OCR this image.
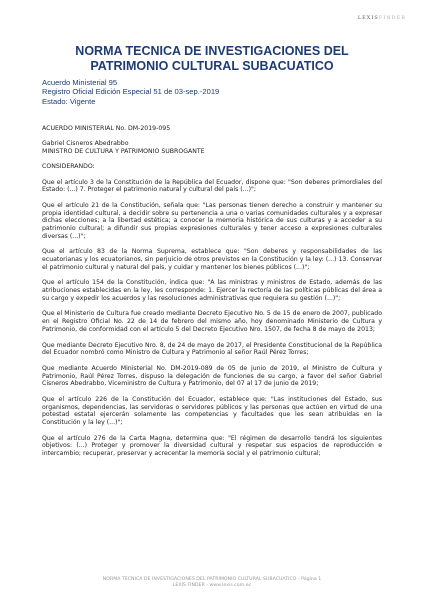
LEXISFINDER
NORMA TECNICA DE INVESTIGACIONES DEL
PATRIMONIO CULTURAL SUBACUATICO
Acuerdo Ministerial 95
Registro Oficial Edición Especial 51 de 03-sep.-2019
Estado: Vigente

ACUERDO MINISTERIAL No. DM-2019-095

Gabriel Cisneros Abedrabbo

MINISTRO DE CULTURA Y PATRIMONIO SUBROGANTE

CONSIDERANDO:

Que el artículo 3 de la Constitución de la República del Ecuador, dispone que: "Son deberes primordiales del Estado: (...) 7. Proteger el patrimonio natural y cultural del país (...)";

Que el artículo 21 de la Constitución, señala que: "Las personas tienen derecho a construir y mantener su propia identidad cultural, a decidir sobre su pertenencia a una o varias comunidades culturales y a expresar dichas elecciones; a la libertad estética; a conocer la memoria histórica de sus culturas y a acceder a su patrimonio cultural; a difundir sus propias expresiones culturales y tener acceso a expresiones culturales diversas (...)";

Que el artículo 83 de la Norma Suprema, establece que: "Son deberes y responsabilidades de las ecuatorianas y los ecuatorianos, sin perjuicio de otros previstos en la Constitución y la ley: (...) 13. Conservar el patrimonio cultural y natural del país, y cuidar y mantener los bienes públicos (...)";

Que el artículo 154 de la Constitución, indica que: "A las ministras y ministros de Estado, además de las atribuciones establecidas en la ley, les corresponde: 1. Ejercer la rectoría de las políticas públicas del área a su cargo y expedir los acuerdos y las resoluciones administrativas que requiera su gestión (...)";

Que el Ministerio de Cultura fue creado mediante Decreto Ejecutivo No. 5 de 15 de enero de 2007, publicado en el Registro Oficial No. 22 de 14 de febrero del mismo año, hoy denominado Ministerio de Cultura y Patrimonio, de conformidad con el artículo 5 del Decreto Ejecutivo Nro. 1507, de fecha 8 de mayo de 2013;

Que mediante Decreto Ejecutivo Nro. 8, de 24 de mayo de 2017, el Presidente Constitucional de la República del Ecuador nombró como Ministro de Cultura y Patrimonio al señor Raúl Pérez Torres;

Que mediante Acuerdo Ministerial No. DM-2019-089 de 05 de junio de 2019, el Ministro de Cultura y Patrimonio, Raúl Pérez Torres, dispuso la delegación de funciones de su cargo, a favor del señor Gabriel Cisneros Abedrabbo, Viceministro de Cultura y Patrimonio, del 07 al 17 de junio de 2019;

Que el artículo 226 de la Constitución del Ecuador, establece que: "Las instituciones del Estado, sus organismos, dependencias, las servidoras o servidores públicos y las personas que actúen en virtud de una potestad estatal ejercerán solamente las competencias y facultades que les sean atribuidas en la Constitución y la ley (...)";

Que el artículo 276 de la Carta Magna, determina que: "El régimen de desarrollo tendrá los siguientes objetivos: (...) Proteger y promover la diversidad cultural y respetar sus espacios de reproducción e intercambio; recuperar, preservar y acrecentar la memoria social y el patrimonio cultural;

NORMA TECNICA DE INVESTIGACIONES DEL PATRIMONIO CULTURAL SUBACUATICO - Página 1
LEXIS FINDER - www.lexis.com.ec
